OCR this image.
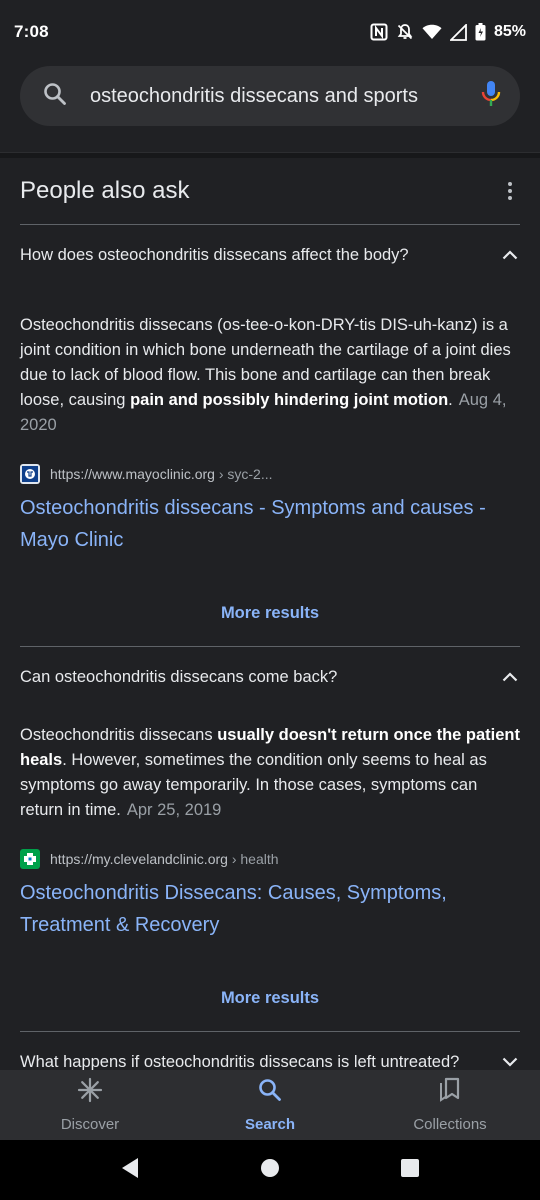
7:08	85%
osteochondritis dissecans and sports
People also ask
How does osteochondritis dissecans affect the body?

Osteochondritis dissecans (os-tee-o-kon-DRY-tis DIS-uh-kanz) is a joint condition in which bone underneath the cartilage of a joint dies due to lack of blood flow. This bone and cartilage can then break loose, causing pain and possibly hindering joint motion. Aug 4, 2020

https://www.mayoclinic.org › syc-2...
Osteochondritis dissecans - Symptoms and causes - Mayo Clinic
More results
Can osteochondritis dissecans come back?

Osteochondritis dissecans usually doesn't return once the patient heals. However, sometimes the condition only seems to heal as symptoms go away temporarily. In those cases, symptoms can return in time. Apr 25, 2019

https://my.clevelandclinic.org › health
Osteochondritis Dissecans: Causes, Symptoms, Treatment & Recovery
More results
What happens if osteochondritis dissecans is left untreated?
Discover	Search	Collections
